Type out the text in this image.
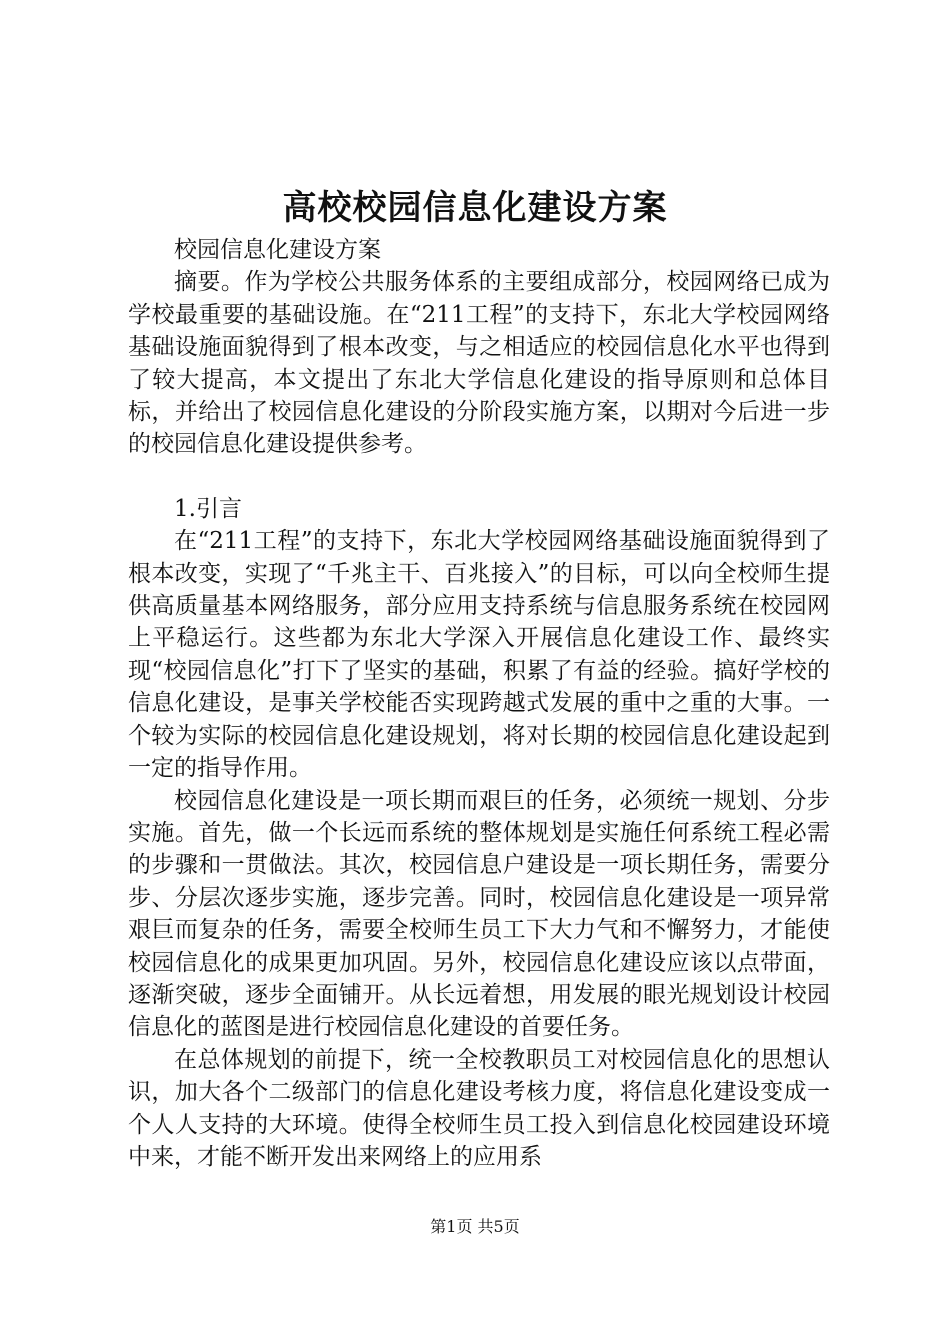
高校校园信息化建设方案

校园信息化建设方案

摘要。作为学校公共服务体系的主要组成部分，校园网络已成为学校最重要的基础设施。在“211工程”的支持下，东北大学校园网络基础设施面貌得到了根本改变，与之相适应的校园信息化水平也得到了较大提高，本文提出了东北大学信息化建设的指导原则和总体目标，并给出了校园信息化建设的分阶段实施方案，以期对今后进一步的校园信息化建设提供参考。

1.引言

在“211工程”的支持下，东北大学校园网络基础设施面貌得到了根本改变，实现了“千兆主干、百兆接入”的目标，可以向全校师生提供高质量基本网络服务，部分应用支持系统与信息服务系统在校园网上平稳运行。这些都为东北大学深入开展信息化建设工作、最终实现“校园信息化”打下了坚实的基础，积累了有益的经验。搞好学校的信息化建设，是事关学校能否实现跨越式发展的重中之重的大事。一个较为实际的校园信息化建设规划，将对长期的校园信息化建设起到一定的指导作用。

校园信息化建设是一项长期而艰巨的任务，必须统一规划、分步实施。首先，做一个长远而系统的整体规划是实施任何系统工程必需的步骤和一贯做法。其次，校园信息户建设是一项长期任务，需要分步、分层次逐步实施，逐步完善。同时，校园信息化建设是一项异常艰巨而复杂的任务，需要全校师生员工下大力气和不懈努力，才能使校园信息化的成果更加巩固。另外，校园信息化建设应该以点带面，逐渐突破，逐步全面铺开。从长远着想，用发展的眼光规划设计校园信息化的蓝图是进行校园信息化建设的首要任务。

在总体规划的前提下，统一全校教职员工对校园信息化的思想认识，加大各个二级部门的信息化建设考核力度，将信息化建设变成一个人人支持的大环境。使得全校师生员工投入到信息化校园建设环境中来，才能不断开发出来网络上的应用系

第1页 共5页
